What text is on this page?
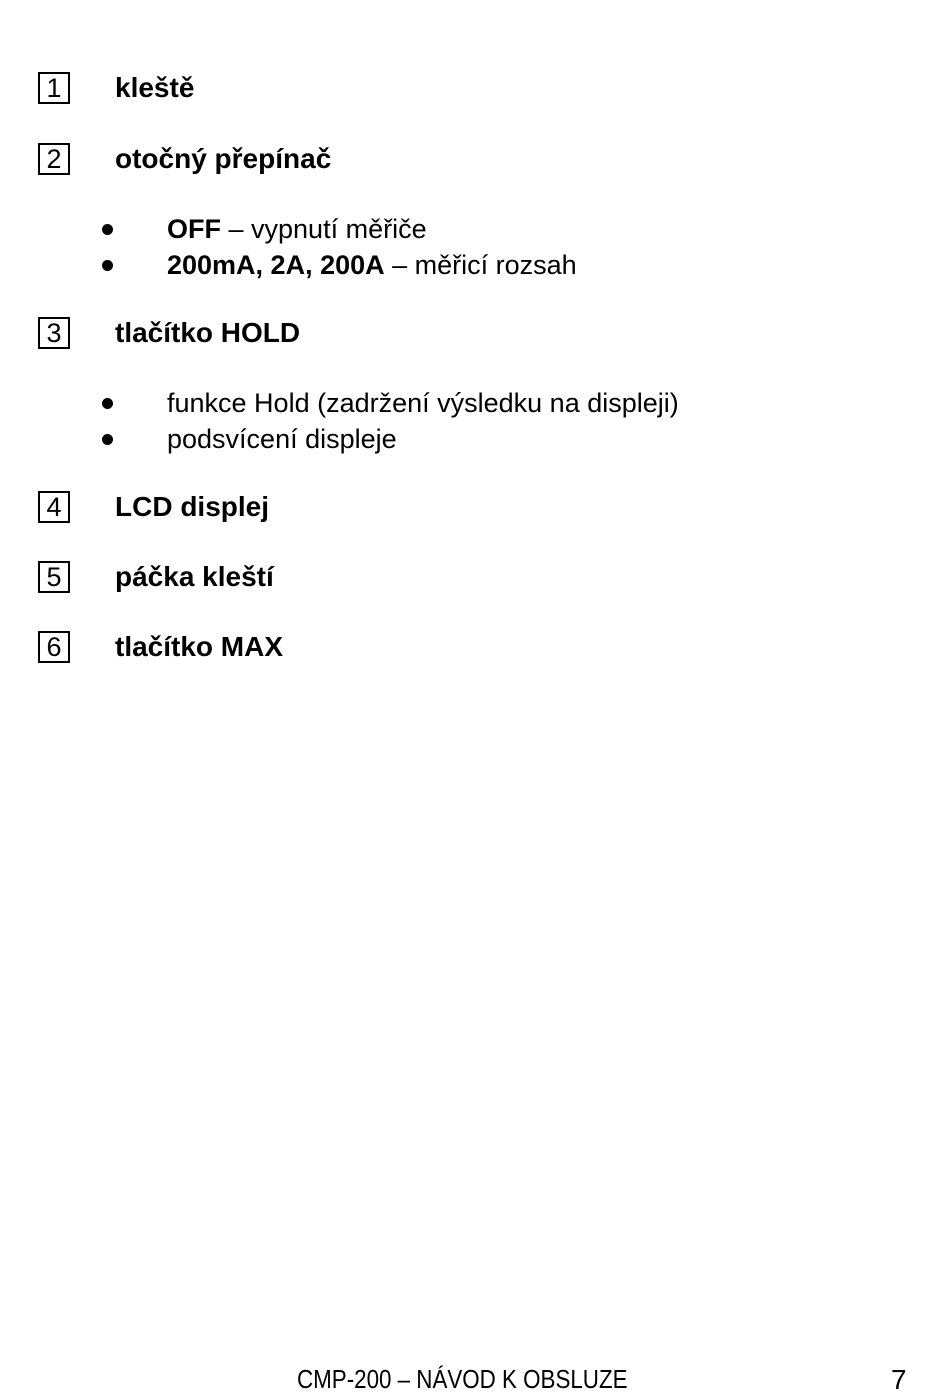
1	kleště
2	otočný přepínač
OFF – vypnutí měřiče
200mA, 2A, 200A – měřicí rozsah
3	tlačítko HOLD
funkce Hold (zadržení výsledku na displeji)
podsvícení displeje
4	LCD displej
5	páčka kleští
6	tlačítko MAX
CMP-200 – NÁVOD K OBSLUZE	7
